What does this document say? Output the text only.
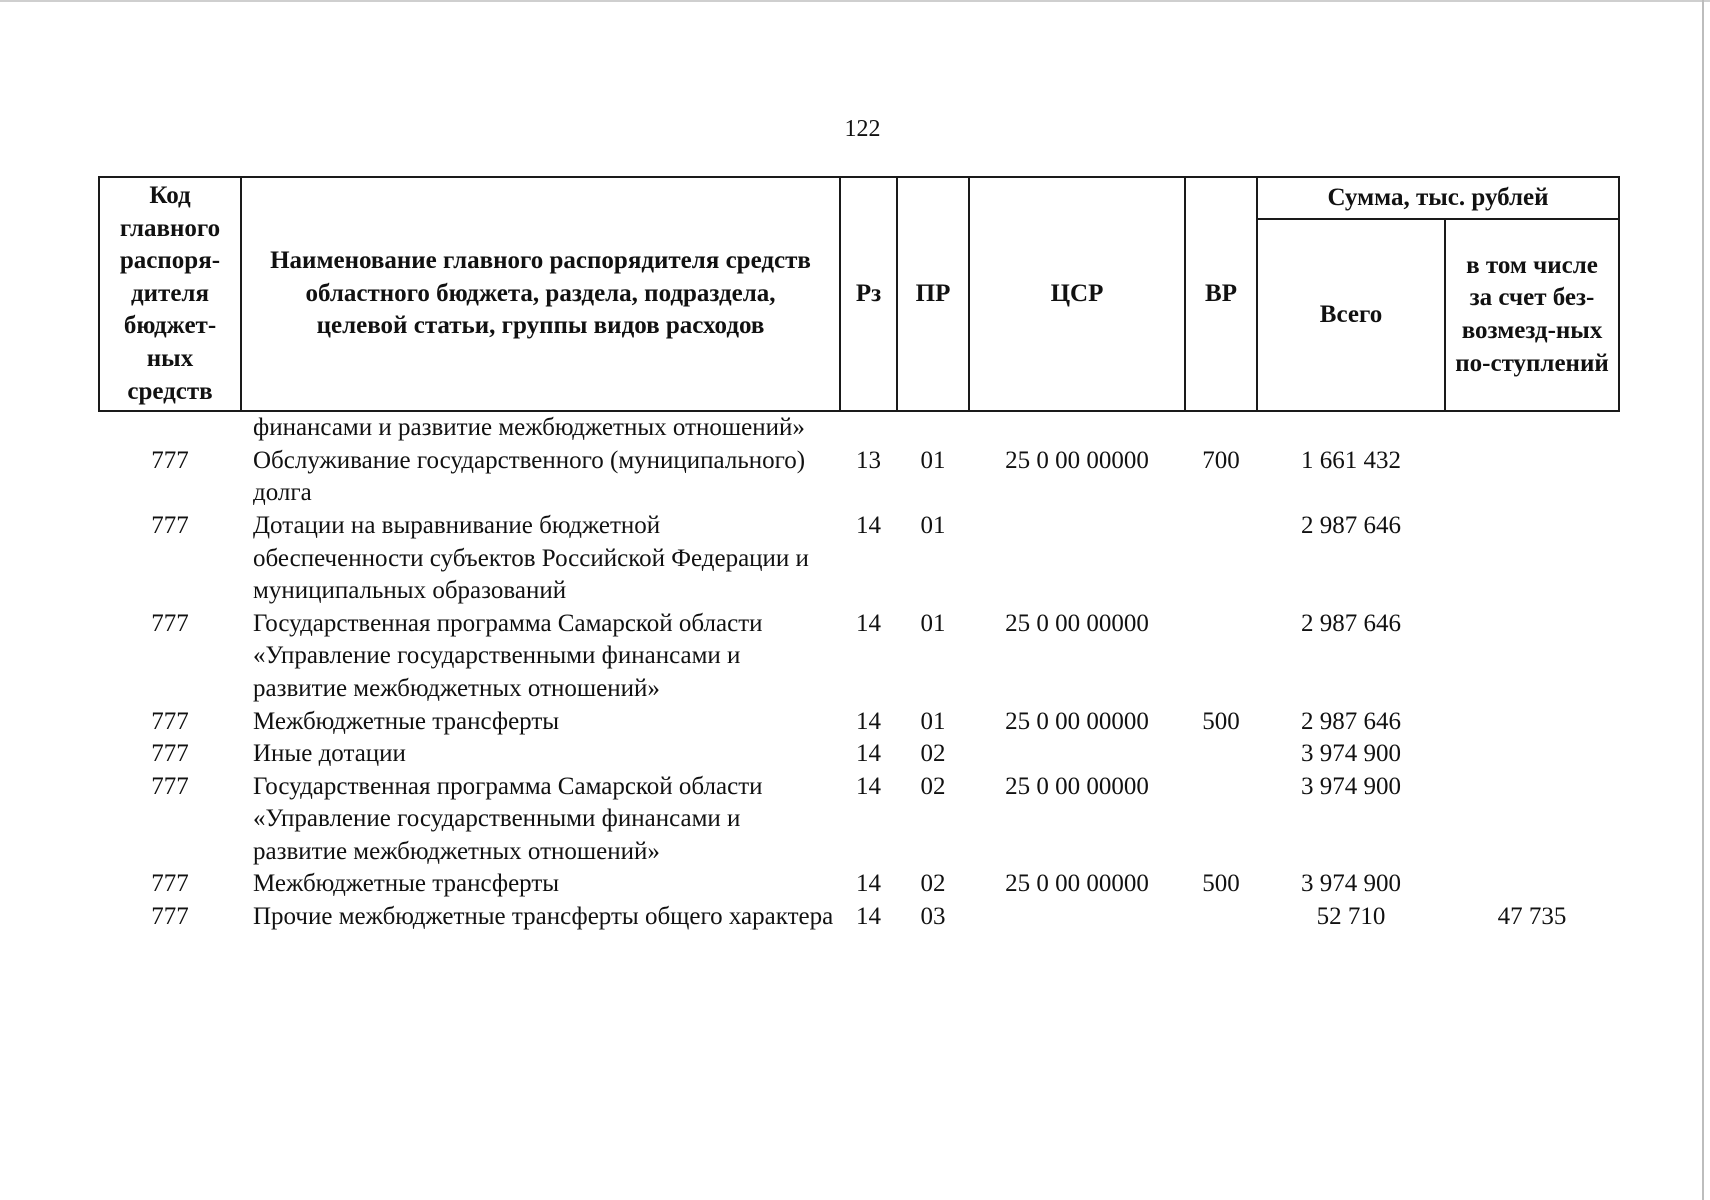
122
Код главного распоря-дителя бюджет-ных средств	Наименование главного распорядителя средств областного бюджета, раздела, подраздела, целевой статьи, группы видов расходов	Рз	ПР	ЦСР	ВР	Сумма, тыс. рублей	
						Всего	в том числе за счет без-возмезд-ных по-ступлений
	финансами и развитие межбюджетных отношений»						
777	Обслуживание государственного (муниципального) долга	13	01	25 0 00 00000	700	1 661 432	
777	Дотации на выравнивание бюджетной обеспеченности субъектов Российской Федерации и муниципальных образований	14	01			2 987 646	
777	Государственная программа Самарской области «Управление государственными финансами и развитие межбюджетных отношений»	14	01	25 0 00 00000		2 987 646	
777	Межбюджетные трансферты	14	01	25 0 00 00000	500	2 987 646	
777	Иные дотации	14	02			3 974 900	
777	Государственная программа Самарской области «Управление государственными финансами и развитие межбюджетных отношений»	14	02	25 0 00 00000		3 974 900	
777	Межбюджетные трансферты	14	02	25 0 00 00000	500	3 974 900	
777	Прочие межбюджетные трансферты общего характера	14	03			52 710	47 735
